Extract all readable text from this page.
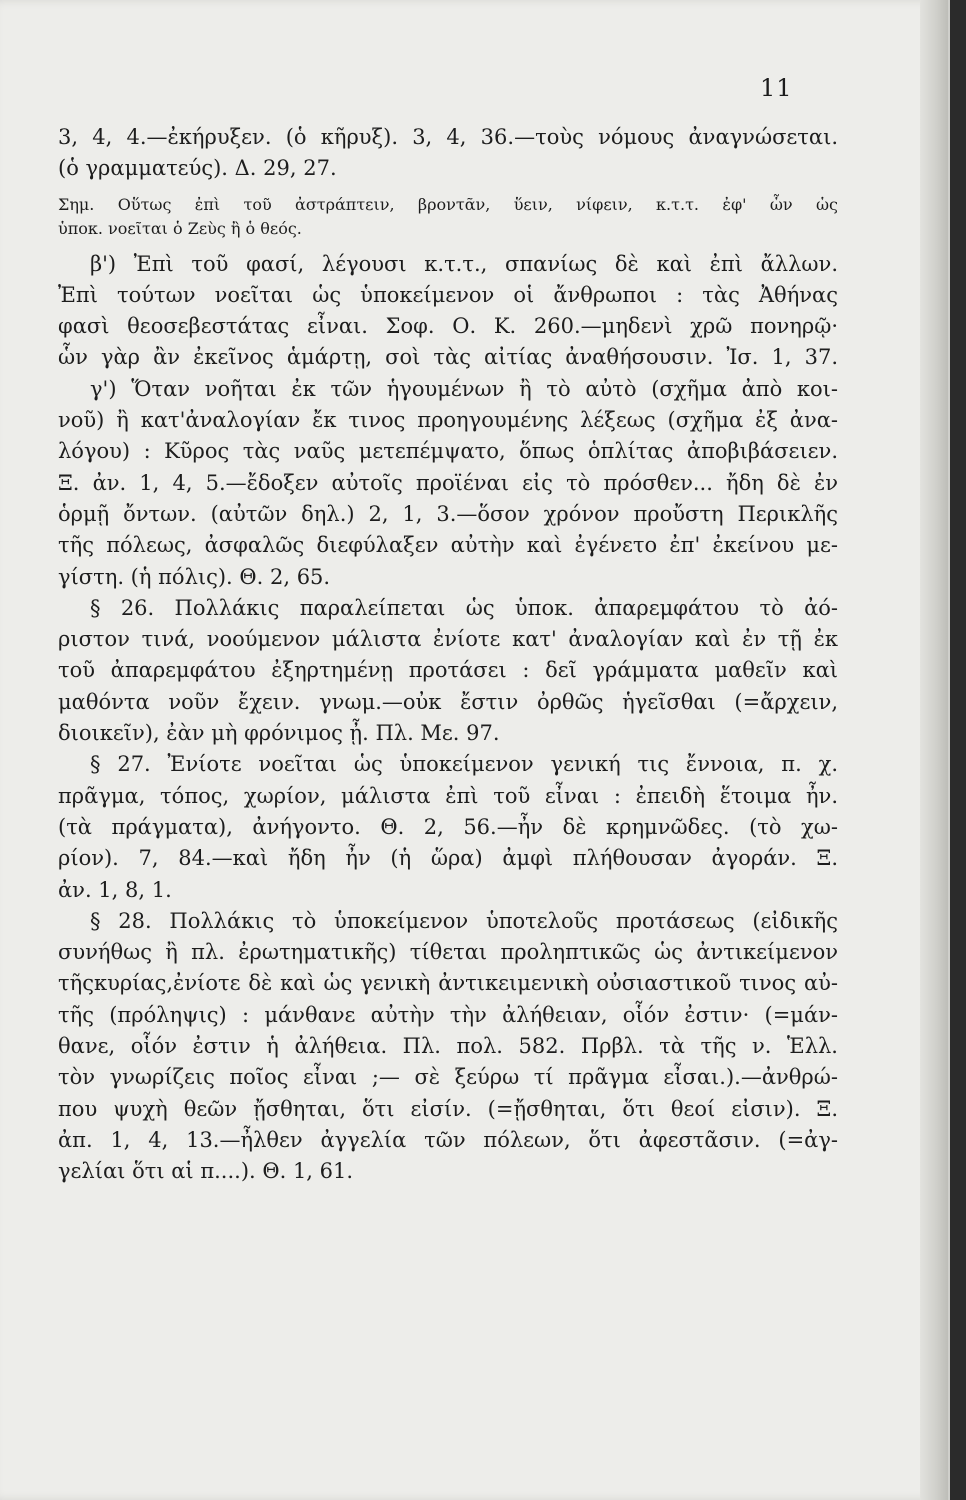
11
3, 4, 4.—ἐκήρυξεν. (ὁ κῆρυξ). 3, 4, 36.—τοὺς νόμους ἀναγνώσεται.
(ὁ γραμματεύς). Δ. 29, 27.
Σημ. Οὕτως ἐπὶ τοῦ ἀστράπτειν, βροντᾶν, ὕειν, νίφειν, κ.τ.τ. ἐφ' ὧν ὡς
ὑποκ. νοεῖται ὁ Ζεὺς ἢ ὁ θεός.
β') Ἐπὶ τοῦ φασί, λέγουσι κ.τ.τ., σπανίως δὲ καὶ ἐπὶ ἄλλων.
Ἐπὶ τούτων νοεῖται ὡς ὑποκείμενον οἱ ἄνθρωποι : τὰς Ἀθήνας
φασὶ θεοσεβεστάτας εἶναι. Σοφ. Ο. Κ. 260.—μηδενὶ χρῶ πονηρῷ·
ὧν γὰρ ἂν ἐκεῖνος ἁμάρτῃ, σοὶ τὰς αἰτίας ἀναθήσουσιν. Ἰσ. 1, 37.
γ') Ὅταν νοῆται ἐκ τῶν ἡγουμένων ἢ τὸ αὐτὸ (σχῆμα ἀπὸ κοι-
νοῦ) ἢ κατ'ἀναλογίαν ἔκ τινος προηγουμένης λέξεως (σχῆμα ἐξ ἀνα-
λόγου) : Κῦρος τὰς ναῦς μετεπέμψατο, ὅπως ὁπλίτας ἀποβιβάσειεν.
Ξ. ἀν. 1, 4, 5.—ἔδοξεν αὐτοῖς προϊέναι εἰς τὸ πρόσθεν... ἤδη δὲ ἐν
ὁρμῇ ὄντων. (αὐτῶν δηλ.) 2, 1, 3.—ὅσον χρόνον προὔστη Περικλῆς
τῆς πόλεως, ἀσφαλῶς διεφύλαξεν αὐτὴν καὶ ἐγένετο ἐπ' ἐκείνου με-
γίστη. (ἡ πόλις). Θ. 2, 65.
§ 26. Πολλάκις παραλείπεται ὡς ὑποκ. ἀπαρεμφάτου τὸ ἀό-
ριστον τινά, νοούμενον μάλιστα ἐνίοτε κατ' ἀναλογίαν καὶ ἐν τῇ ἐκ
τοῦ ἀπαρεμφάτου ἐξηρτημένῃ προτάσει : δεῖ γράμματα μαθεῖν καὶ
μαθόντα νοῦν ἔχειν. γνωμ.—οὐκ ἔστιν ὀρθῶς ἡγεῖσθαι (=ἄρχειν,
διοικεῖν), ἐὰν μὴ φρόνιμος ᾖ. Πλ. Με. 97.
§ 27. Ἐνίοτε νοεῖται ὡς ὑποκείμενον γενική τις ἔννοια, π. χ.
πρᾶγμα, τόπος, χωρίον, μάλιστα ἐπὶ τοῦ εἶναι : ἐπειδὴ ἕτοιμα ἦν.
(τὰ πράγματα), ἀνήγοντο. Θ. 2, 56.—ἦν δὲ κρημνῶδες. (τὸ χω-
ρίον). 7, 84.—καὶ ἤδη ἦν (ἡ ὥρα) ἀμφὶ πλήθουσαν ἀγοράν. Ξ.
ἀν. 1, 8, 1.
§ 28. Πολλάκις τὸ ὑποκείμενον ὑποτελοῦς προτάσεως (εἰδικῆς
συνήθως ἢ πλ. ἐρωτηματικῆς) τίθεται προληπτικῶς ὡς ἀντικείμενον
τῆςκυρίας,ἐνίοτε δὲ καὶ ὡς γενικὴ ἀντικειμενικὴ οὐσιαστικοῦ τινος αὐ-
τῆς (πρόληψις) : μάνθανε αὐτὴν τὴν ἀλήθειαν, οἷόν ἐστιν· (=μάν-
θανε, οἷόν ἐστιν ἡ ἀλήθεια. Πλ. πολ. 582. Πρβλ. τὰ τῆς ν. Ἑλλ.
τὸν γνωρίζεις ποῖος εἶναι ;— σὲ ξεύρω τί πρᾶγμα εἶσαι.).—ἀνθρώ-
που ψυχὴ θεῶν ᾔσθηται, ὅτι εἰσίν. (=ᾔσθηται, ὅτι θεοί εἰσιν). Ξ.
ἀπ. 1, 4, 13.—ἦλθεν ἀγγελία τῶν πόλεων, ὅτι ἀφεστᾶσιν. (=ἀγ-
γελίαι ὅτι αἱ π....). Θ. 1, 61.
